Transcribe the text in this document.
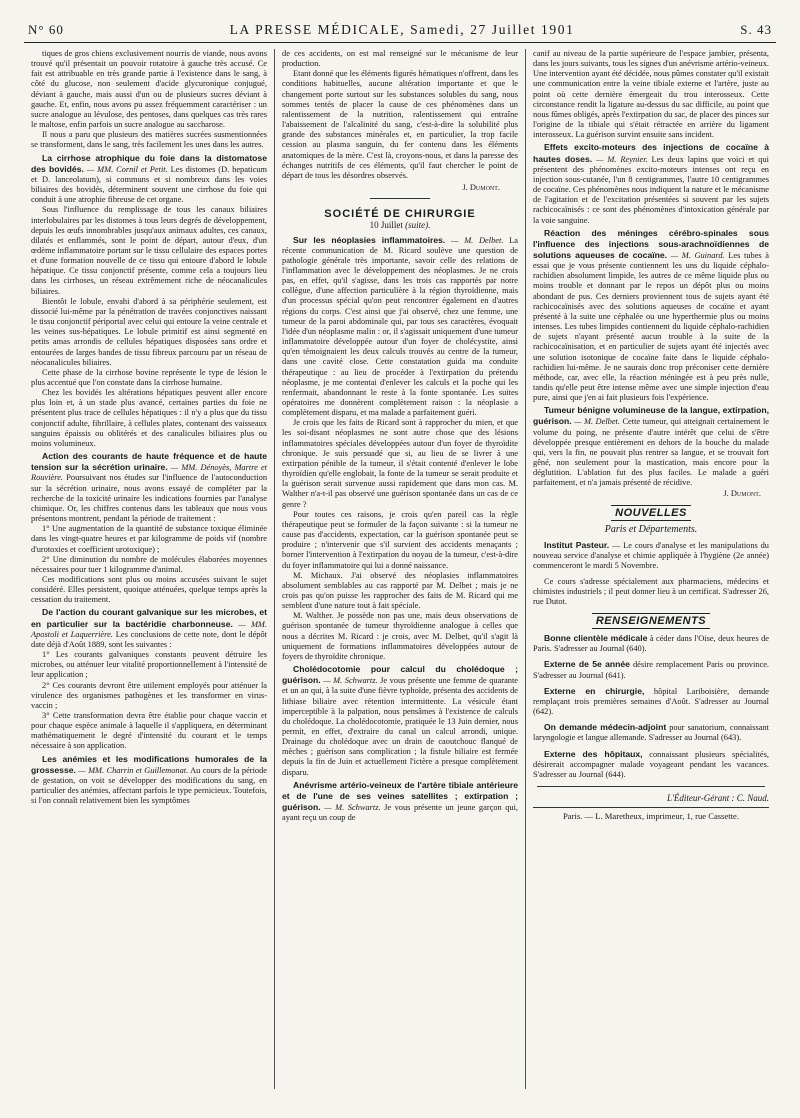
N° 60	LA PRESSE MÉDICALE, Samedi, 27 Juillet 1901	S. 43

tiques de gros chiens exclusivement nourris de viande, nous avons trouvé qu'il présentait un pouvoir rotatoire à gauche très accusé. Ce fait est attribuable en très grande partie à l'existence dans le sang, à côté du glucose, non seulement d'acide glycuronique conjugué, déviant à gauche, mais aussi d'un ou de plusieurs sucres déviant à gauche. Et, enfin, nous avons pu assez fréquemment caractériser : un sucre analogue au lévulose, des pentoses, dans quelques cas très rares le maltose, enfin parfois un sucre analogue au saccharose.

Il nous a paru que plusieurs des matières sucrées susmentionnées se transforment, dans le sang, très facilement les unes dans les autres.

La cirrhose atrophique du foie dans la distomatose des bovidés. — MM. Cornil et Petit. Les distomes (D. hepaticum et D. lanceolatum), si communs et si nombreux dans les voies biliaires des bovidés, déterminent souvent une cirrhose du foie qui conduit à une atrophie fibreuse de cet organe.

Sous l'influence du remplissage de tous les canaux biliaires interlobulaires par les distomes à tous leurs degrés de développement, depuis les œufs innombrables jusqu'aux animaux adultes, ces canaux, dilatés et enflammés, sont le point de départ, autour d'eux, d'un œdème inflammatoire portant sur le tissu cellulaire des espaces portes et d'une formation nouvelle de ce tissu qui entoure d'abord le lobule hépatique. Ce tissu conjonctif présente, comme cela a toujours lieu dans les cirrhoses, un réseau extrêmement riche de néocanalicules biliaires.

Bientôt le lobule, envahi d'abord à sa périphérie seulement, est dissocié lui-même par la pénétration de travées conjonctives naissant le tissu conjonctif périportal avec celui qui entoure la veine centrale et les veines sus-hépatiques. Le lobule primitif est ainsi segmenté en petits amas arrondis de cellules hépatiques disposées sans ordre et entourées de larges bandes de tissu fibreux parcouru par un réseau de néocanalicules biliaires.

Cette phase de la cirrhose bovine représente le type de lésion le plus accentué que l'on constate dans la cirrhose humaine.

Chez les bovidés les altérations hépatiques peuvent aller encore plus loin et, à un stade plus avancé, certaines parties du foie ne présentent plus trace de cellules hépatiques : il n'y a plus que du tissu conjonctif adulte, fibrillaire, à cellules plates, contenant des vaisseaux sanguins épaissis ou oblitérés et des canalicules biliaires plus ou moins volumineux.

Action des courants de haute fréquence et de haute tension sur la sécrétion urinaire. — MM. Dénoyès, Martre et Rouvière. Poursuivant nos études sur l'influence de l'autoconduction sur la sécrétion urinaire, nous avons essayé de compléter par la recherche de la toxicité urinaire les indications fournies par l'analyse chimique. Or, les chiffres contenus dans les tableaux que nous vous présentons montrent, pendant la période de traitement :

1° Une augmentation de la quantité de substance toxique éliminée dans les vingt-quatre heures et par kilogramme de poids vif (nombre d'urotoxies et coefficient urotoxique) ;

2° Une diminution du nombre de molécules élaborées moyennes nécessaires pour tuer 1 kilogramme d'animal.

Ces modifications sont plus ou moins accusées suivant le sujet considéré. Elles persistent, quoique atténuées, quelque temps après la cessation du traitement.

De l'action du courant galvanique sur les microbes, et en particulier sur la bactéridie charbonneuse. — MM. Apostoli et Laquerrière. Les conclusions de cette note, dont le dépôt date déjà d'Août 1889, sont les suivantes :

1° Les courants galvaniques constants peuvent détruire les microbes, ou atténuer leur vitalité proportionnellement à l'intensité de leur application ;

2° Ces courants devront être utilement employés pour atténuer la virulence des organismes pathogènes et les transformer en virus-vaccin ;

3° Cette transformation devra être établie pour chaque vaccin et pour chaque espèce animale à laquelle il s'appliquera, en déterminant mathématiquement le degré d'intensité du courant et le temps nécessaire à son application.

Les anémies et les modifications humorales de la grossesse. — MM. Charrin et Guillemonat. Au cours de la période de gestation, on voit se développer des modifications du sang, en particulier des anémies, affectant parfois le type pernicieux. Toutefois, si l'on connaît relativement bien les symptômes

de ces accidents, on est mal renseigné sur le mécanisme de leur production.

Etant donné que les éléments figurés hématiques n'offrent, dans les conditions habituelles, aucune altération importante et que le changement porte surtout sur les substances solubles du sang, nous sommes tentés de placer la cause de ces phénomènes dans un ralentissement de la nutrition, ralentissement qui entraîne l'abaissement de l'alcalinité du sang, c'est-à-dire la solubilité plus grande des substances minérales et, en particulier, la trop facile cession au plasma sanguin, du fer contenu dans les éléments anatomiques de la mère. C'est là, croyons-nous, et dans la paresse des échanges nutritifs de ces éléments, qu'il faut chercher le point de départ de tous les désordres observés.

J. Dumont.

SOCIÉTÉ DE CHIRURGIE
10 Juillet (suite).

Sur les néoplasies inflammatoires. — M. Delbet. La récente communication de M. Ricard soulève une question de pathologie générale très importante, savoir celle des relations de l'inflammation avec le développement des néoplasmes. Je ne crois pas, en effet, qu'il s'agisse, dans les trois cas rapportés par notre collègue, d'une affection particulière à la région thyroïdienne, mais d'un processus spécial qu'on peut rencontrer également en d'autres régions du corps. C'est ainsi que j'ai observé, chez une femme, une tumeur de la paroi abdominale qui, par tous ses caractères, évoquait l'idée d'un néoplasme malin : or, il s'agissait uniquement d'une tumeur inflammatoire développée autour d'un foyer de cholécystite, ainsi qu'en témoignaient les deux calculs trouvés au centre de la tumeur, dans une cavité close. Cette constatation guida ma conduite thérapeutique : au lieu de procéder à l'extirpation du prétendu néoplasme, je me contentai d'enlever les calculs et la poche qui les renfermait, abandonnant le reste à la fonte spontanée. Les suites opératoires me donnèrent complètement raison : la néoplasie a complètement disparu, et ma malade a parfaitement guéri.

Je crois que les faits de Ricard sont à rapprocher du mien, et que les soi-disant néoplasmes ne sont autre chose que des lésions inflammatoires spéciales développées autour d'un foyer de thyroïdite chronique. Je suis persuadé que si, au lieu de se livrer à une extirpation pénible de la tumeur, il s'était contenté d'enlever le lobe thyroïdien qu'elle englobait, la fonte de la tumeur se serait produite et la guérison serait survenue aussi rapidement que dans mon cas. M. Walther n'a-t-il pas observé une guérison spontanée dans un cas de ce genre ?

Pour toutes ces raisons, je crois qu'en pareil cas la règle thérapeutique peut se formuler de la façon suivante : si la tumeur ne cause pas d'accidents, expectation, car la guérison spontanée peut se produire ; n'intervenir que s'il survient des accidents menaçants ; borner l'intervention à l'extirpation du noyau de la tumeur, c'est-à-dire du foyer inflammatoire qui lui a donné naissance.

M. Michaux. J'ai observé des néoplasies inflammatoires absolument semblables au cas rapporté par M. Delbet ; mais je ne crois pas qu'on puisse les rapprocher des faits de M. Ricard qui me semblent d'une nature tout à fait spéciale.

M. Walther. Je possède non pas une, mais deux observations de guérison spontanée de tumeur thyroïdienne analogue à celles que nous a décrites M. Ricard : je crois, avec M. Delbet, qu'il s'agit là uniquement de formations inflammatoires développées autour de foyers de thyroïdite chronique.

Cholédocotomie pour calcul du cholédoque ; guérison. — M. Schwartz. Je vous présente une femme de quarante et un an qui, à la suite d'une fièvre typhoïde, présenta des accidents de lithiase biliaire avec rétention intermittente. La vésicule étant imperceptible à la palpation, nous pensâmes à l'existence de calculs du cholédoque. La cholédocotomie, pratiquée le 13 Juin dernier, nous permit, en effet, d'extraire du canal un calcul arrondi, unique. Drainage du cholédoque avec un drain de caoutchouc flanqué de mèches ; guérison sans complication ; la fistule biliaire est fermée depuis la fin de Juin et actuellement l'ictère a presque complètement disparu.

Anévrisme artério-veineux de l'artère tibiale antérieure et de l'une de ses veines satellites ; extirpation ; guérison. — M. Schwartz. Je vous présente un jeune garçon qui, ayant reçu un coup de

canif au niveau de la partie supérieure de l'espace jambier, présenta, dans les jours suivants, tous les signes d'un anévrisme artério-veineux. Une intervention ayant été décidée, nous pûmes constater qu'il existait une communication entre la veine tibiale externe et l'artère, juste au point où cette dernière émergeait du trou interosseux. Cette circonstance rendit la ligature au-dessus du sac difficile, au point que nous fûmes obligés, après l'extirpation du sac, de placer des pinces sur l'origine de la tibiale qui s'était rétractée en arrière du ligament interosseux. La guérison survint ensuite sans incident.

Effets excito-moteurs des injections de cocaïne à hautes doses. — M. Reynier. Les deux lapins que voici et qui présentent des phénomènes excito-moteurs intenses ont reçu en injection sous-cutanée, l'un 8 centigrammes, l'autre 10 centigrammes de cocaïne. Ces phénomènes nous indiquent la nature et le mécanisme de l'agitation et de l'excitation présentées si souvent par les sujets rachicocaïnisés : ce sont des phénomènes d'intoxication générale par la voie sanguine.

Réaction des méninges cérébro-spinales sous l'influence des injections sous-arachnoïdiennes de solutions aqueuses de cocaïne. — M. Guinard. Les tubes à essai que je vous présente contiennent les uns du liquide céphalo-rachidien absolument limpide, les autres de ce même liquide plus ou moins trouble et donnant par le repos un dépôt plus ou moins abondant de pus. Ces derniers proviennent tous de sujets ayant été rachicocaïnisés avec des solutions aqueuses de cocaïne et ayant présenté à la suite une céphalée ou une hyperthermie plus ou moins intenses. Les tubes limpides contiennent du liquide céphalo-rachidien de sujets n'ayant présenté aucun trouble à la suite de la rachicocaïnisation, et en particulier de sujets ayant été injectés avec une solution isotonique de cocaïne faite dans le liquide céphalo-rachidien lui-même. Je ne saurais donc trop préconiser cette dernière méthode, car, avec elle, la réaction méningée est à peu près nulle, tandis qu'elle peut être intense même avec une simple injection d'eau pure, ainsi que j'en ai fait plusieurs fois l'expérience.

Tumeur bénigne volumineuse de la langue, extirpation, guérison. — M. Delbet. Cette tumeur, qui atteignait certainement le volume du poing, ne présente d'autre intérêt que celui de s'être développée presque entièrement en dehors de la bouche du malade qui, vers la fin, ne pouvait plus rentrer sa langue, et se trouvait fort gêné, non seulement pour la mastication, mais encore pour la déglutition. L'ablation fut des plus faciles. Le malade a guéri parfaitement, et n'a jamais présenté de récidive.

J. Dumont.

NOUVELLES
Paris et Départements.

Institut Pasteur. — Le cours d'analyse et les manipulations du nouveau service d'analyse et chimie appliquée à l'hygiène (2e année) commenceront le mardi 5 Novembre.

Ce cours s'adresse spécialement aux pharmaciens, médecins et chimistes industriels ; il peut donner lieu à un certificat. S'adresser 26, rue Dutot.

RENSEIGNEMENTS

Bonne clientèle médicale à céder dans l'Oise, deux heures de Paris. S'adresser au Journal (640).

Externe de 5e année désire remplacement Paris ou province. S'adresser au Journal (641).

Externe en chirurgie, hôpital Lariboisière, demande remplaçant trois premières semaines d'Août. S'adresser au Journal (642).

On demande médecin-adjoint pour sanatorium, connaissant laryngologie et langue allemande. S'adresser au Journal (643).

Externe des hôpitaux, connaissant plusieurs spécialités, désirerait accompagner malade voyageant pendant les vacances. S'adresser au Journal (644).

L'Éditeur-Gérant : C. Naud.
Paris. — L. Maretheux, imprimeur, 1, rue Cassette.
